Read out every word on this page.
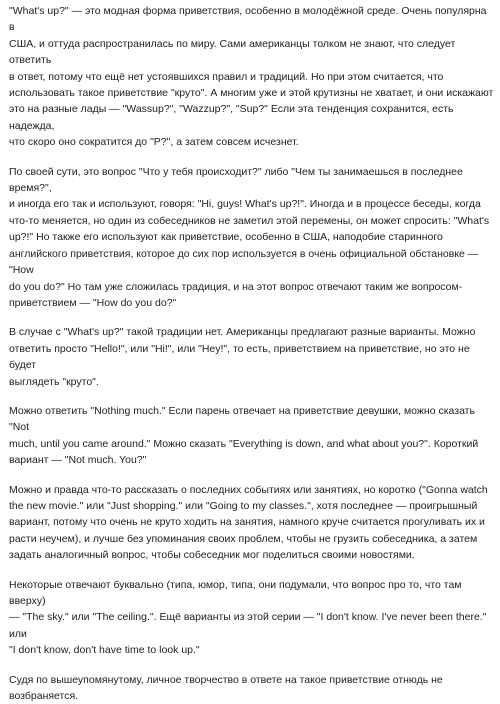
"What's up?" — это модная форма приветствия, особенно в молодёжной среде. Очень популярна в
США, и оттуда распространилась по миру. Сами американцы толком не знают, что следует ответить
в ответ, потому что ещё нет устоявшихся правил и традиций. Но при этом считается, что
использовать такое приветствие "круто". А многим уже и этой крутизны не хватает, и они искажают
это на разные лады — "Wassup?", "Wazzup?", "Sup?" Если эта тенденция сохранится, есть надежда,
что скоро оно сократится до "P?", а затем совсем исчезнет.

По своей сути, это вопрос "Что у тебя происходит?" либо "Чем ты занимаешься в последнее время?",
и иногда его так и используют, говоря: "Hi, guys! What's up?!". Иногда и в процессе беседы, когда
что-то меняется, но один из собеседников не заметил этой перемены, он может спросить: "What's
up?!" Но также его используют как приветствие, особенно в США, наподобие старинного
английского приветствия, которое до сих пор используется в очень официальной обстановке — "How
do you do?" Но там уже сложилась традиция, и на этот вопрос отвечают таким же вопросом-
приветствием — "How do you do?"

В случае с "What's up?" такой традиции нет. Американцы предлагают разные варианты. Можно
ответить просто "Hello!", или "Hi!", или "Hey!", то есть, приветствием на приветствие, но это не будет
выглядеть "круто".

Можно ответить "Nothing much." Если парень отвечает на приветствие девушки, можно сказать "Not
much, until you came around." Можно сказать "Everything is down, and what about you?". Короткий
вариант — "Not much. You?"

Можно и правда что-то рассказать о последних событиях или занятиях, но коротко ("Gonna watch
the new movie." или "Just shopping." или "Going to my classes.", хотя последнее — проигрышный
вариант, потому что очень не круто ходить на занятия, намного круче считается прогуливать их и
расти неучем), и лучше без упоминания своих проблем, чтобы не грузить собеседника, а затем
задать аналогичный вопрос, чтобы собеседник мог поделиться своими новостями.

Некоторые отвечают буквально (типа, юмор, типа, они подумали, что вопрос про то, что там вверху)
— "The sky." или "The ceiling.". Ещё варианты из этой серии — "I don't know. I've never been there." или
"I don't know, don't have time to look up."

Судя по вышеупомянутому, личное творчество в ответе на такое приветствие отнюдь не
возбраняется.
